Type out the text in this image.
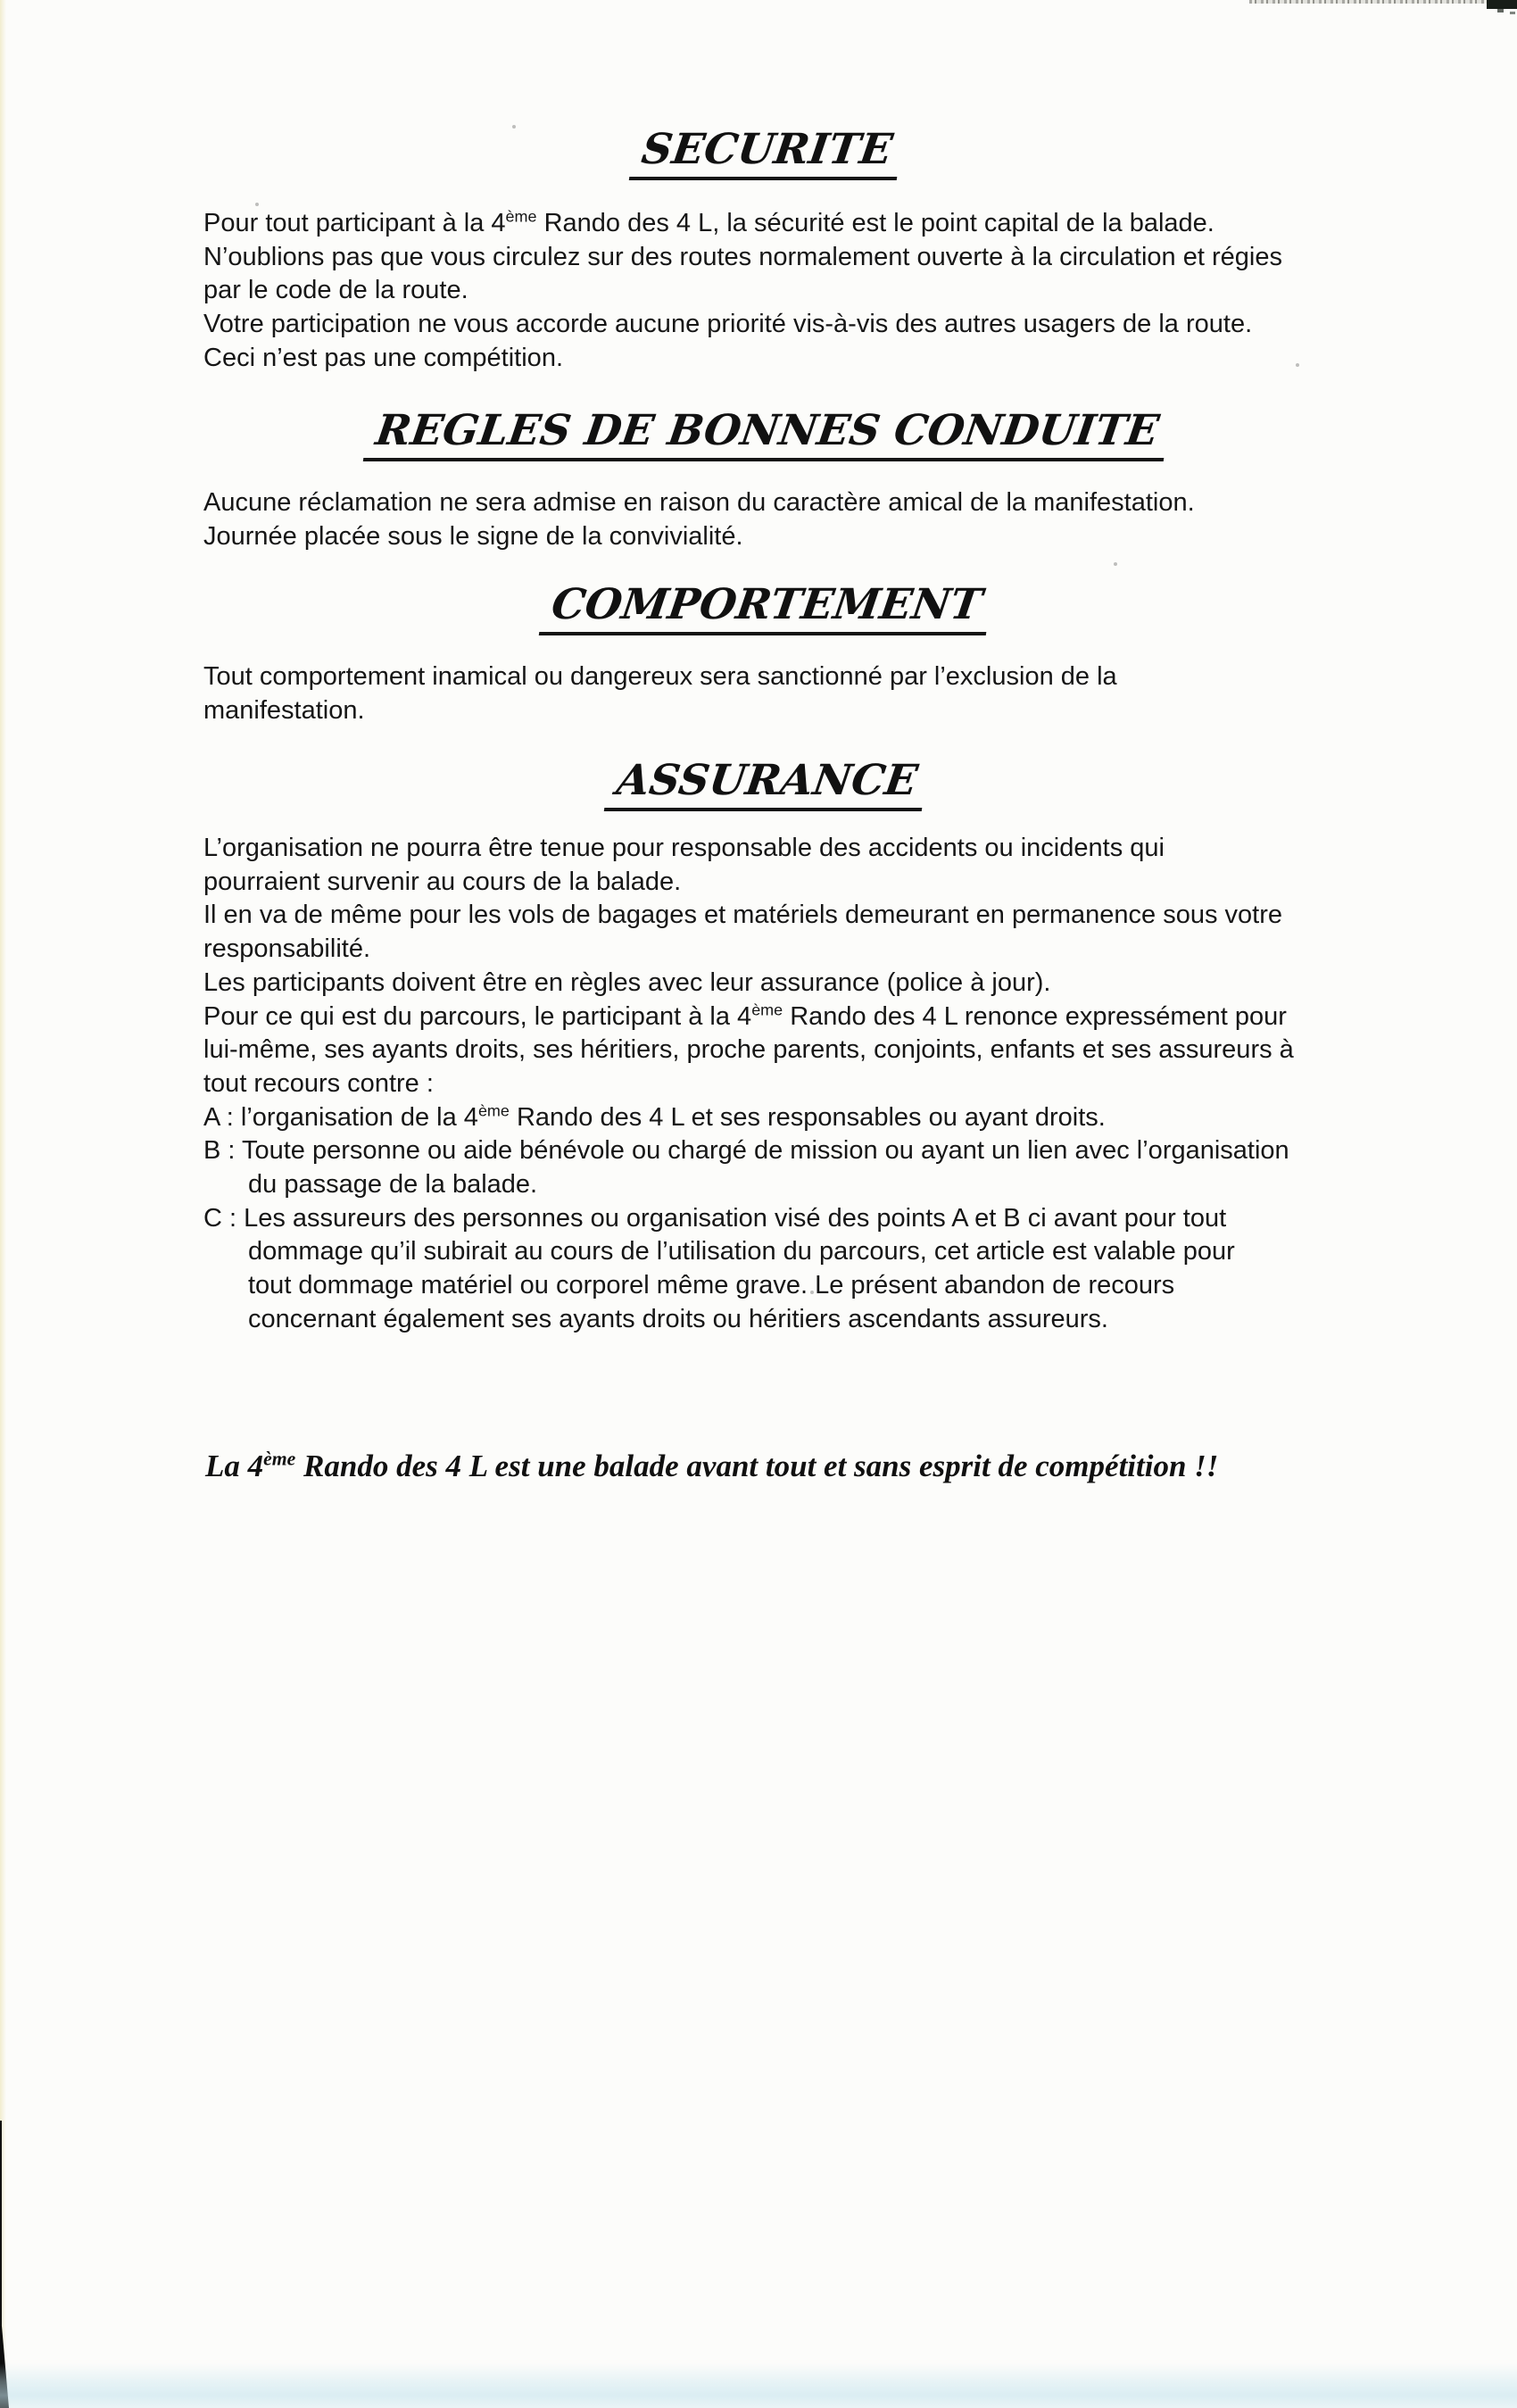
SECURITE
Pour tout participant à la 4ème Rando des 4 L, la sécurité est le point capital de la balade.
N’oublions pas que vous circulez sur des routes normalement ouverte à la circulation et régies
par le code de la route.
Votre participation ne vous accorde aucune priorité vis-à-vis des autres usagers de la route.
Ceci n’est pas une compétition.
REGLES DE BONNES CONDUITE
Aucune réclamation ne sera admise en raison du caractère amical de la manifestation.
Journée placée sous le signe de la convivialité.
COMPORTEMENT
Tout comportement inamical ou dangereux sera sanctionné par l’exclusion de la
manifestation.
ASSURANCE
L’organisation ne pourra être tenue pour responsable des accidents ou incidents qui
pourraient survenir au cours de la balade.
Il en va de même pour les vols de bagages et matériels demeurant en permanence sous votre
responsabilité.
Les participants doivent être en règles avec leur assurance (police à jour).
Pour ce qui est du parcours, le participant à la 4ème Rando des 4 L renonce expressément pour
lui-même, ses ayants droits, ses héritiers, proche parents, conjoints, enfants et ses assureurs à
tout recours contre :
A : l’organisation de la 4ème Rando des 4 L et ses responsables ou ayant droits.
B : Toute personne ou aide bénévole ou chargé de mission ou ayant un lien avec l’organisation
du passage de la balade.
C : Les assureurs des personnes ou organisation visé des points A et B ci avant pour tout
dommage qu’il subirait au cours de l’utilisation du parcours, cet article est valable pour
tout dommage matériel ou corporel même grave. Le présent abandon de recours
concernant également ses ayants droits ou héritiers ascendants assureurs.
La 4ème Rando des 4 L est une balade avant tout et sans esprit de compétition !!
